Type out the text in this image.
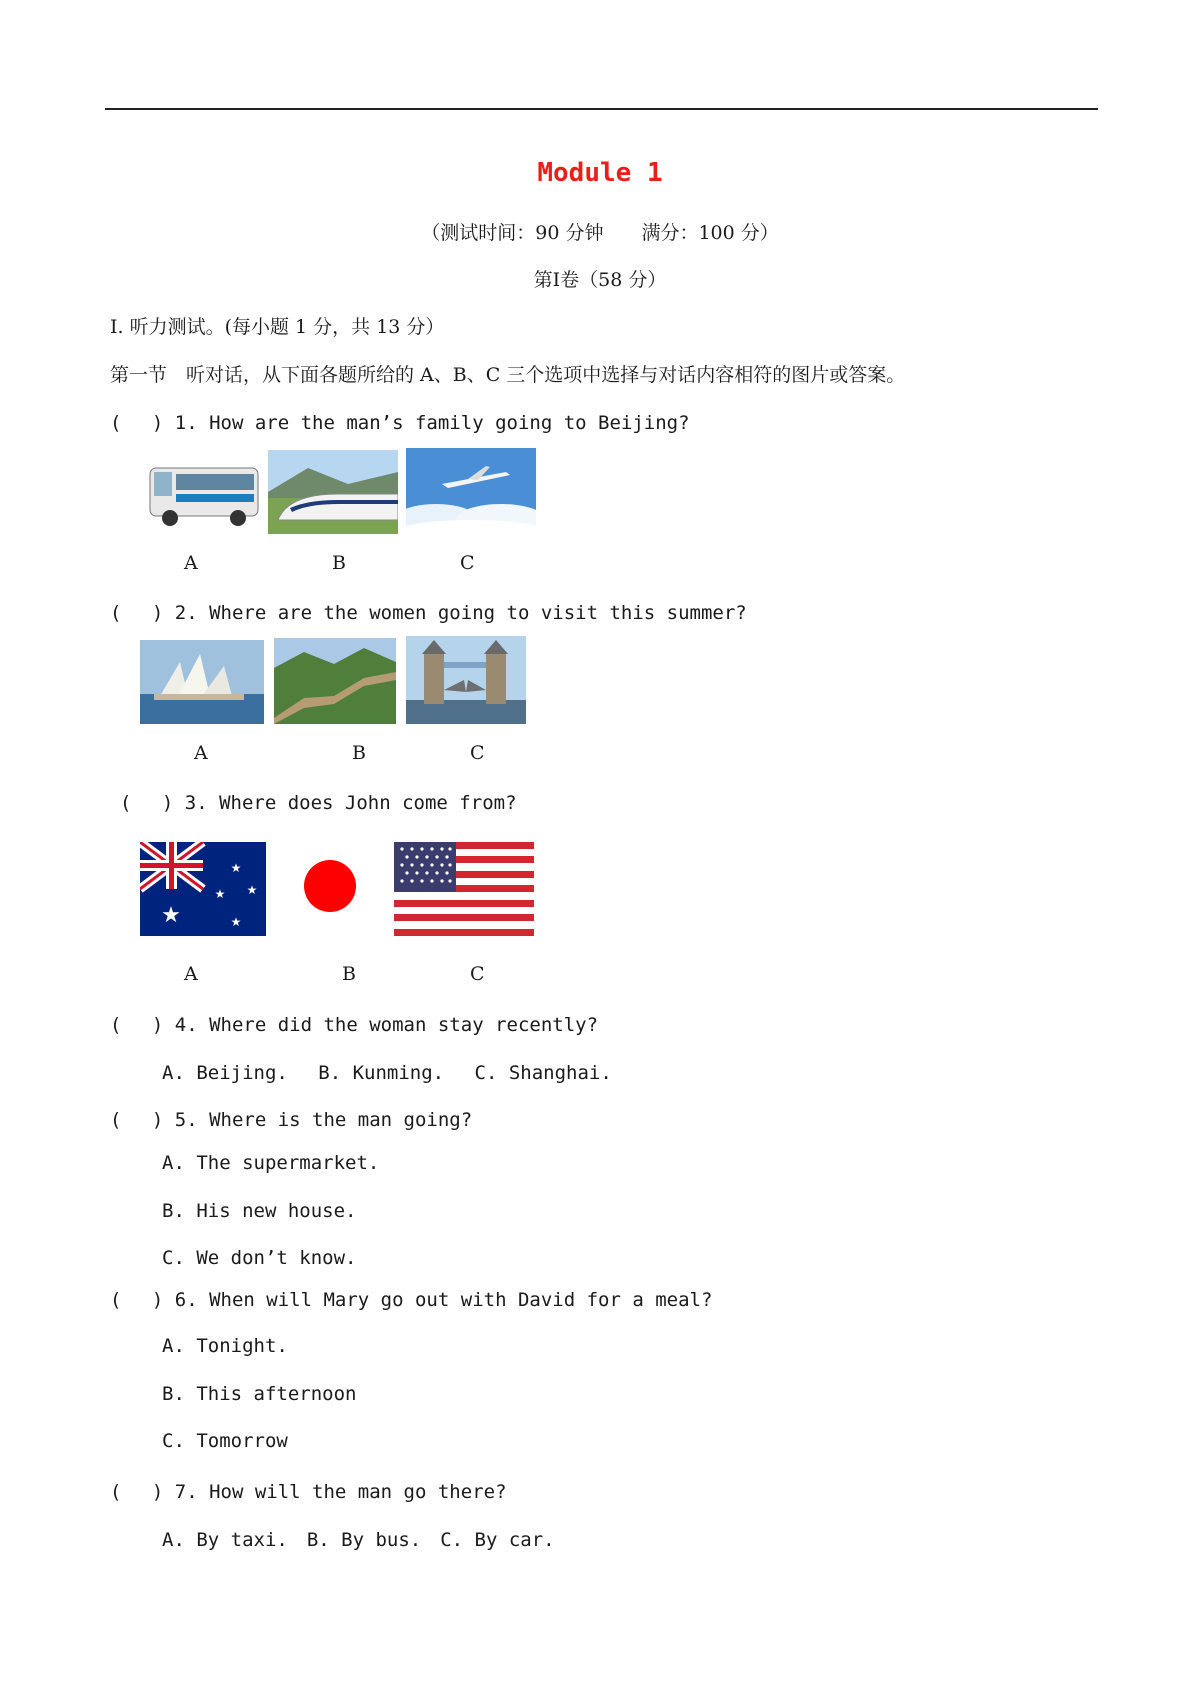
Module 1
（测试时间：90 分钟　　满分：100 分）
第Ⅰ卷（58 分）
Ⅰ. 听力测试。(每小题 1 分，共 13 分）
第一节　听对话，从下面各题所给的 A、B、C 三个选项中选择与对话内容相符的图片或答案。
(　 ) 1. How are the man’s family going to Beijing?
A	B	C
(　 ) 2. Where are the women going to visit this summer?
A	B	C
(　 ) 3. Where does John come from?
★
★
★ ★
★
A	B	C
(　 ) 4. Where did the woman stay recently?
A. Beijing.　 B. Kunming.　 C. Shanghai.
(　 ) 5. Where is the man going?
A. The supermarket.
B. His new house.
C. We don’t know.
(　 ) 6. When will Mary go out with David for a meal?
A. Tonight.
B. This afternoon
C. Tomorrow
(　 ) 7. How will the man go there?
A. By taxi.　B. By bus.　C. By car.
